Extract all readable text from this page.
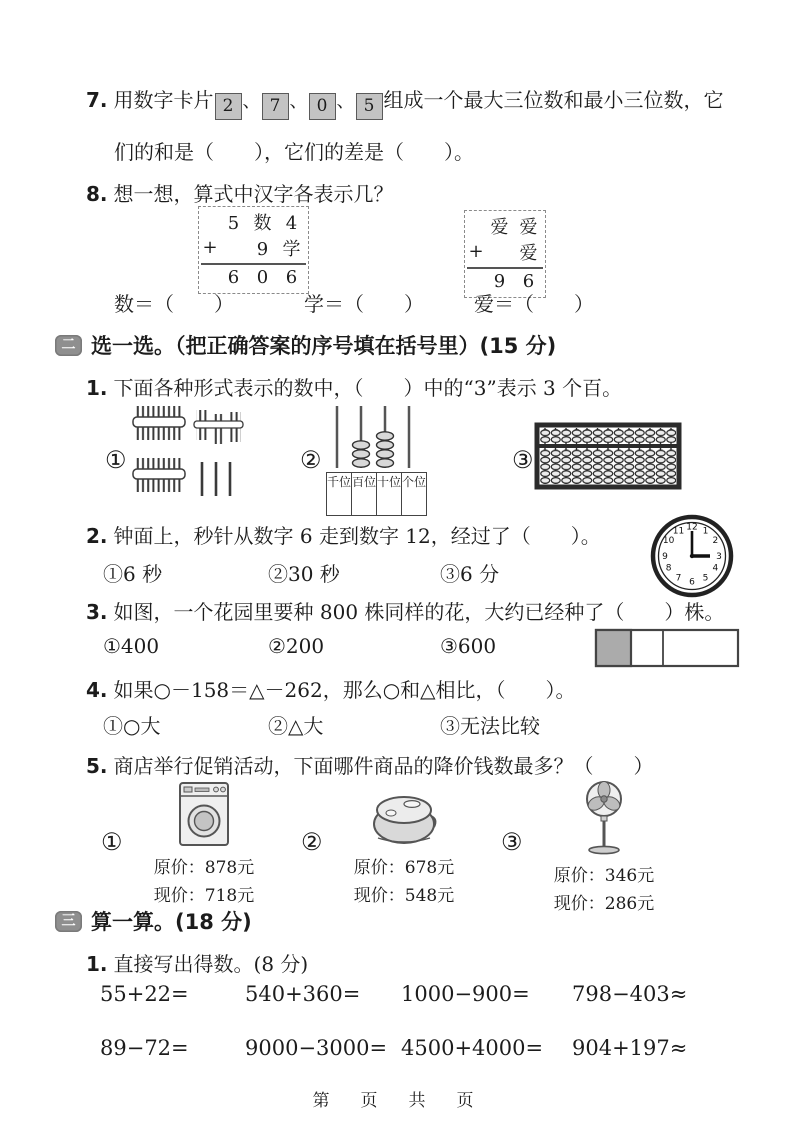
7. 用数字卡片 2 、 7 、 0 、 5 组成一个最大三位数和最小三位数，它
们的和是（　　），它们的差是（　　）。
8. 想一想，算式中汉字各表示几？
5 数 4
+	9 学
6 0 6
爱 爱
+	爱
9 6
数＝（　　）	学＝（　　）	爱＝（　　）
二 选一选。（把正确答案的序号填在括号里）(15 分)
1. 下面各种形式表示的数中，（　　）中的“3”表示 3 个百。
①	②
千位 百位 十位 个位
③
2. 钟面上，秒针从数字 6 走到数字 12，经过了（　　）。
①6 秒	②30 秒	③6 分
12 1
2
3
4
5
6
7
8
9
10
11
3. 如图，一个花园里要种 800 株同样的花，大约已经种了（　　）株。
①400	②200	③600
4. 如果○－158＝△－262，那么○和△相比，（　　）。
①○大	②△大	③无法比较
5. 商店举行促销活动，下面哪件商品的降价钱数最多？（　　）
①
原价：878元
现价：718元
②
原价：678元
现价：548元
③
原价：346元
现价：286元
三 算一算。(18 分)
1. 直接写出得数。(8 分)
55+22=	540+360=	1000−900=	798−403≈
89−72=	9000−3000= 4500+4000=	904+197≈
第　页　共　页
